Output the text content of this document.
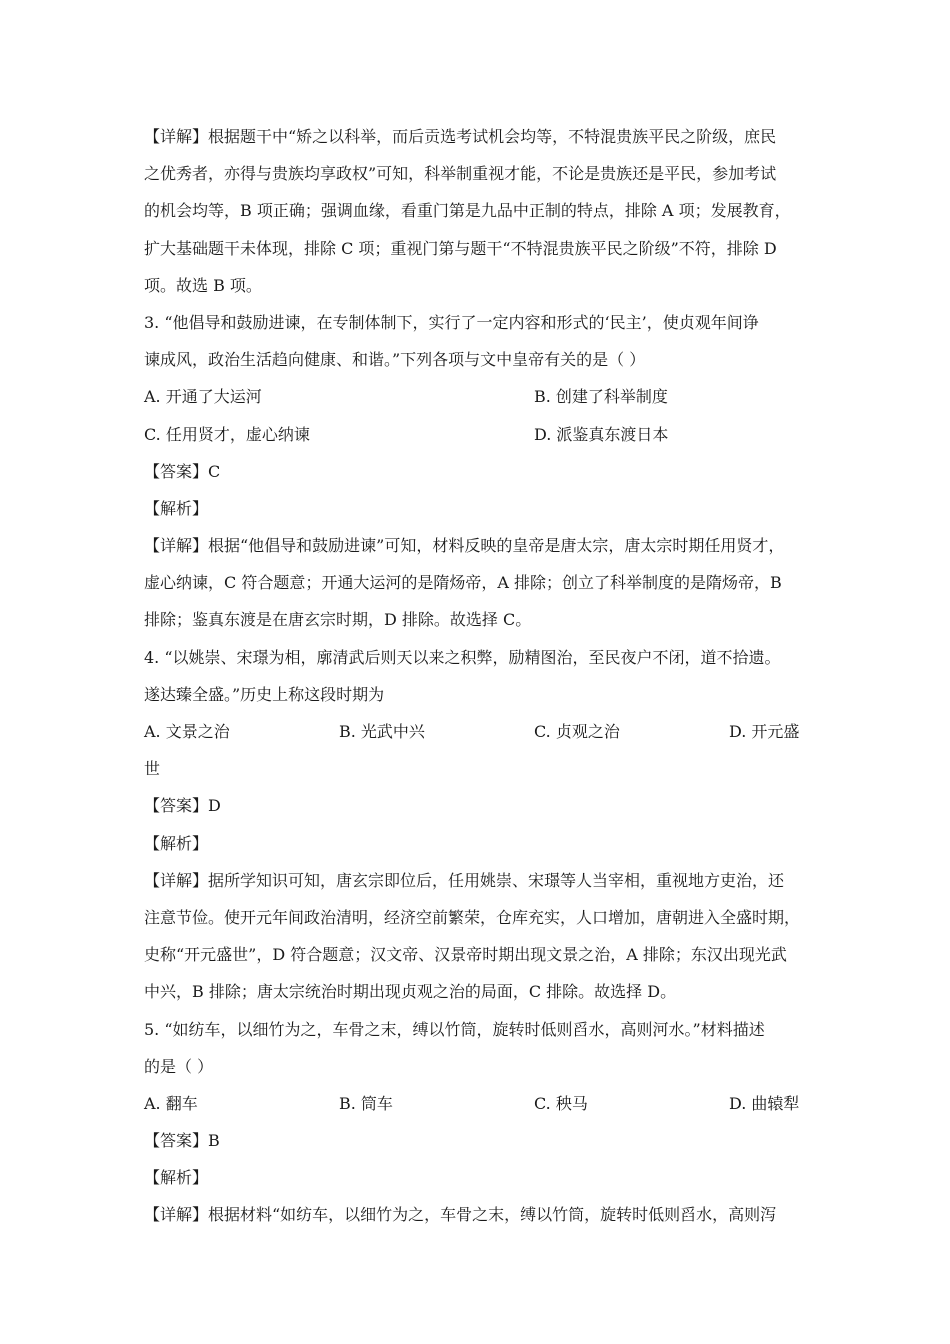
【详解】根据题干中“矫之以科举，而后贡选考试机会均等，不特混贵族平民之阶级，庶民
之优秀者，亦得与贵族均享政权”可知，科举制重视才能，不论是贵族还是平民，参加考试
的机会均等，B 项正确；强调血缘，看重门第是九品中正制的特点，排除 A 项；发展教育，
扩大基础题干未体现，排除 C 项；重视门第与题干“不特混贵族平民之阶级”不符，排除 D
项。故选 B 项。
3. “他倡导和鼓励进谏，在专制体制下，实行了一定内容和形式的‘民主’，使贞观年间诤
谏成风，政治生活趋向健康、和谐。”下列各项与文中皇帝有关的是（ ）
A. 开通了大运河	B. 创建了科举制度
C. 任用贤才，虚心纳谏	D. 派鉴真东渡日本
【答案】C
【解析】
【详解】根据“他倡导和鼓励进谏”可知，材料反映的皇帝是唐太宗，唐太宗时期任用贤才，
虚心纳谏，C 符合题意；开通大运河的是隋炀帝，A 排除；创立了科举制度的是隋炀帝，B
排除；鉴真东渡是在唐玄宗时期，D 排除。故选择 C。
4. “以姚崇、宋璟为相，廓清武后则天以来之积弊，励精图治，至民夜户不闭，道不拾遗。
遂达臻全盛。”历史上称这段时期为
A. 文景之治	B. 光武中兴	C. 贞观之治	D. 开元盛
世
【答案】D
【解析】
【详解】据所学知识可知，唐玄宗即位后，任用姚崇、宋璟等人当宰相，重视地方吏治，还
注意节俭。使开元年间政治清明，经济空前繁荣，仓库充实，人口增加，唐朝进入全盛时期，
史称“开元盛世”，D 符合题意；汉文帝、汉景帝时期出现文景之治，A 排除；东汉出现光武
中兴，B 排除；唐太宗统治时期出现贞观之治的局面，C 排除。故选择 D。
5. “如纺车，以细竹为之，车骨之末，缚以竹筒，旋转时低则舀水，高则河水。”材料描述
的是（ ）
A. 翻车	B. 筒车	C. 秧马	D. 曲辕犁
【答案】B
【解析】
【详解】根据材料“如纺车，以细竹为之，车骨之末，缚以竹筒，旋转时低则舀水，高则泻
